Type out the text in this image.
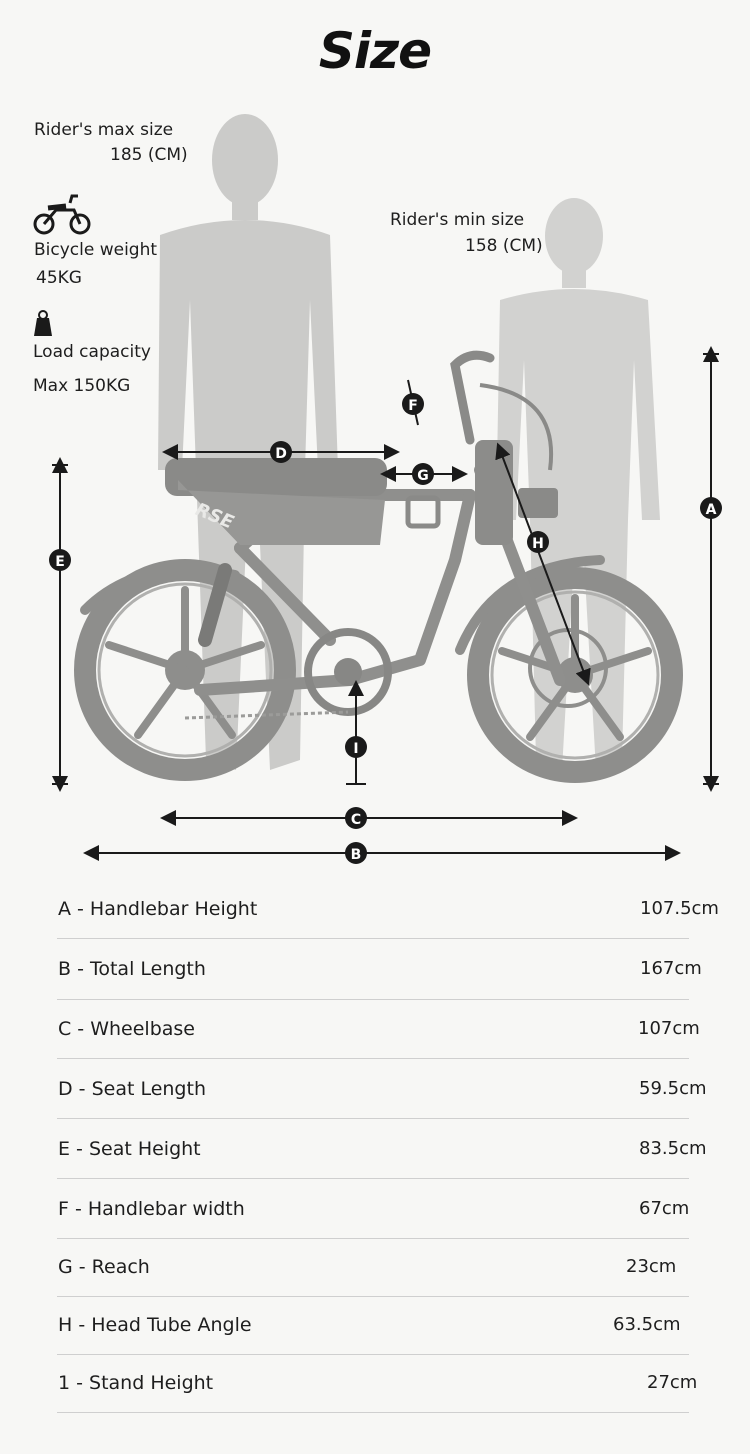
Size
RSE	A
B
C
D
E
F
G
H
I
Rider's max size
185 (CM)
Bicycle weight
45KG
Load capacity
Max 150KG
Rider's min size
158 (CM)
A - Handlebar Height	107.5cm
B - Total Length	167cm
C - Wheelbase	107cm
D - Seat Length	59.5cm
E - Seat Height	83.5cm
F - Handlebar width	67cm
G - Reach	23cm
H - Head Tube Angle	63.5cm
1 - Stand Height	27cm
